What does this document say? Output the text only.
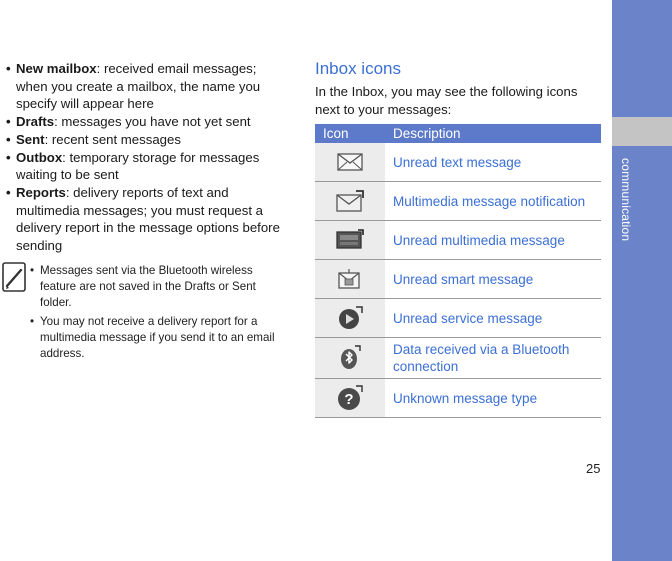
communication
• New mailbox: received email messages; when you create a mailbox, the name you specify will appear here
• Drafts: messages you have not yet sent
• Sent: recent sent messages
• Outbox: temporary storage for messages waiting to be sent
• Reports: delivery reports of text and multimedia messages; you must request a delivery report in the message options before sending
• Messages sent via the Bluetooth wireless feature are not saved in the Drafts or Sent folder.
• You may not receive a delivery report for a multimedia message if you send it to an email address.
Inbox icons

In the Inbox, you may see the following icons next to your messages:

Icon	Description

	Unread text message

	Multimedia message notification

	Unread multimedia message

	Unread smart message

	Unread service message

	Data received via a Bluetooth connection

?	Unknown message type
25
